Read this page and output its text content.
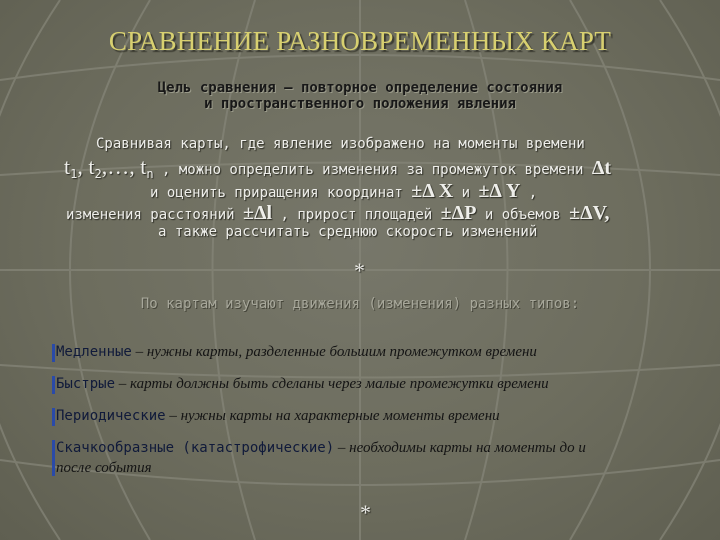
СРАВНЕНИЕ РАЗНОВРЕМЕННЫХ КАРТ
Цель сравнения – повторное определение состояния
и пространственного положения явления
Сравнивая карты, где явление изображено на моменты времени
$t_1$, $t_2,\dots$, $t_n$ , можно определить изменения за промежуток времени Δt
и оценить приращения координат ±Δ X и ±Δ Y ,
изменения расстояний ±Δl , прирост площадей ±ΔP и объемов ±ΔV,
а также рассчитать среднюю скорость изменений
*
По картам изучают движения (изменения) разных типов:
Медленные – нужны карты, разделенные большим промежутком времени
Быстрые – карты должны быть сделаны через малые промежутки времени
Периодические – нужны карты на характерные моменты времени
Скачкообразные (катастрофические) – необходимы карты на моменты до и
после события
*
